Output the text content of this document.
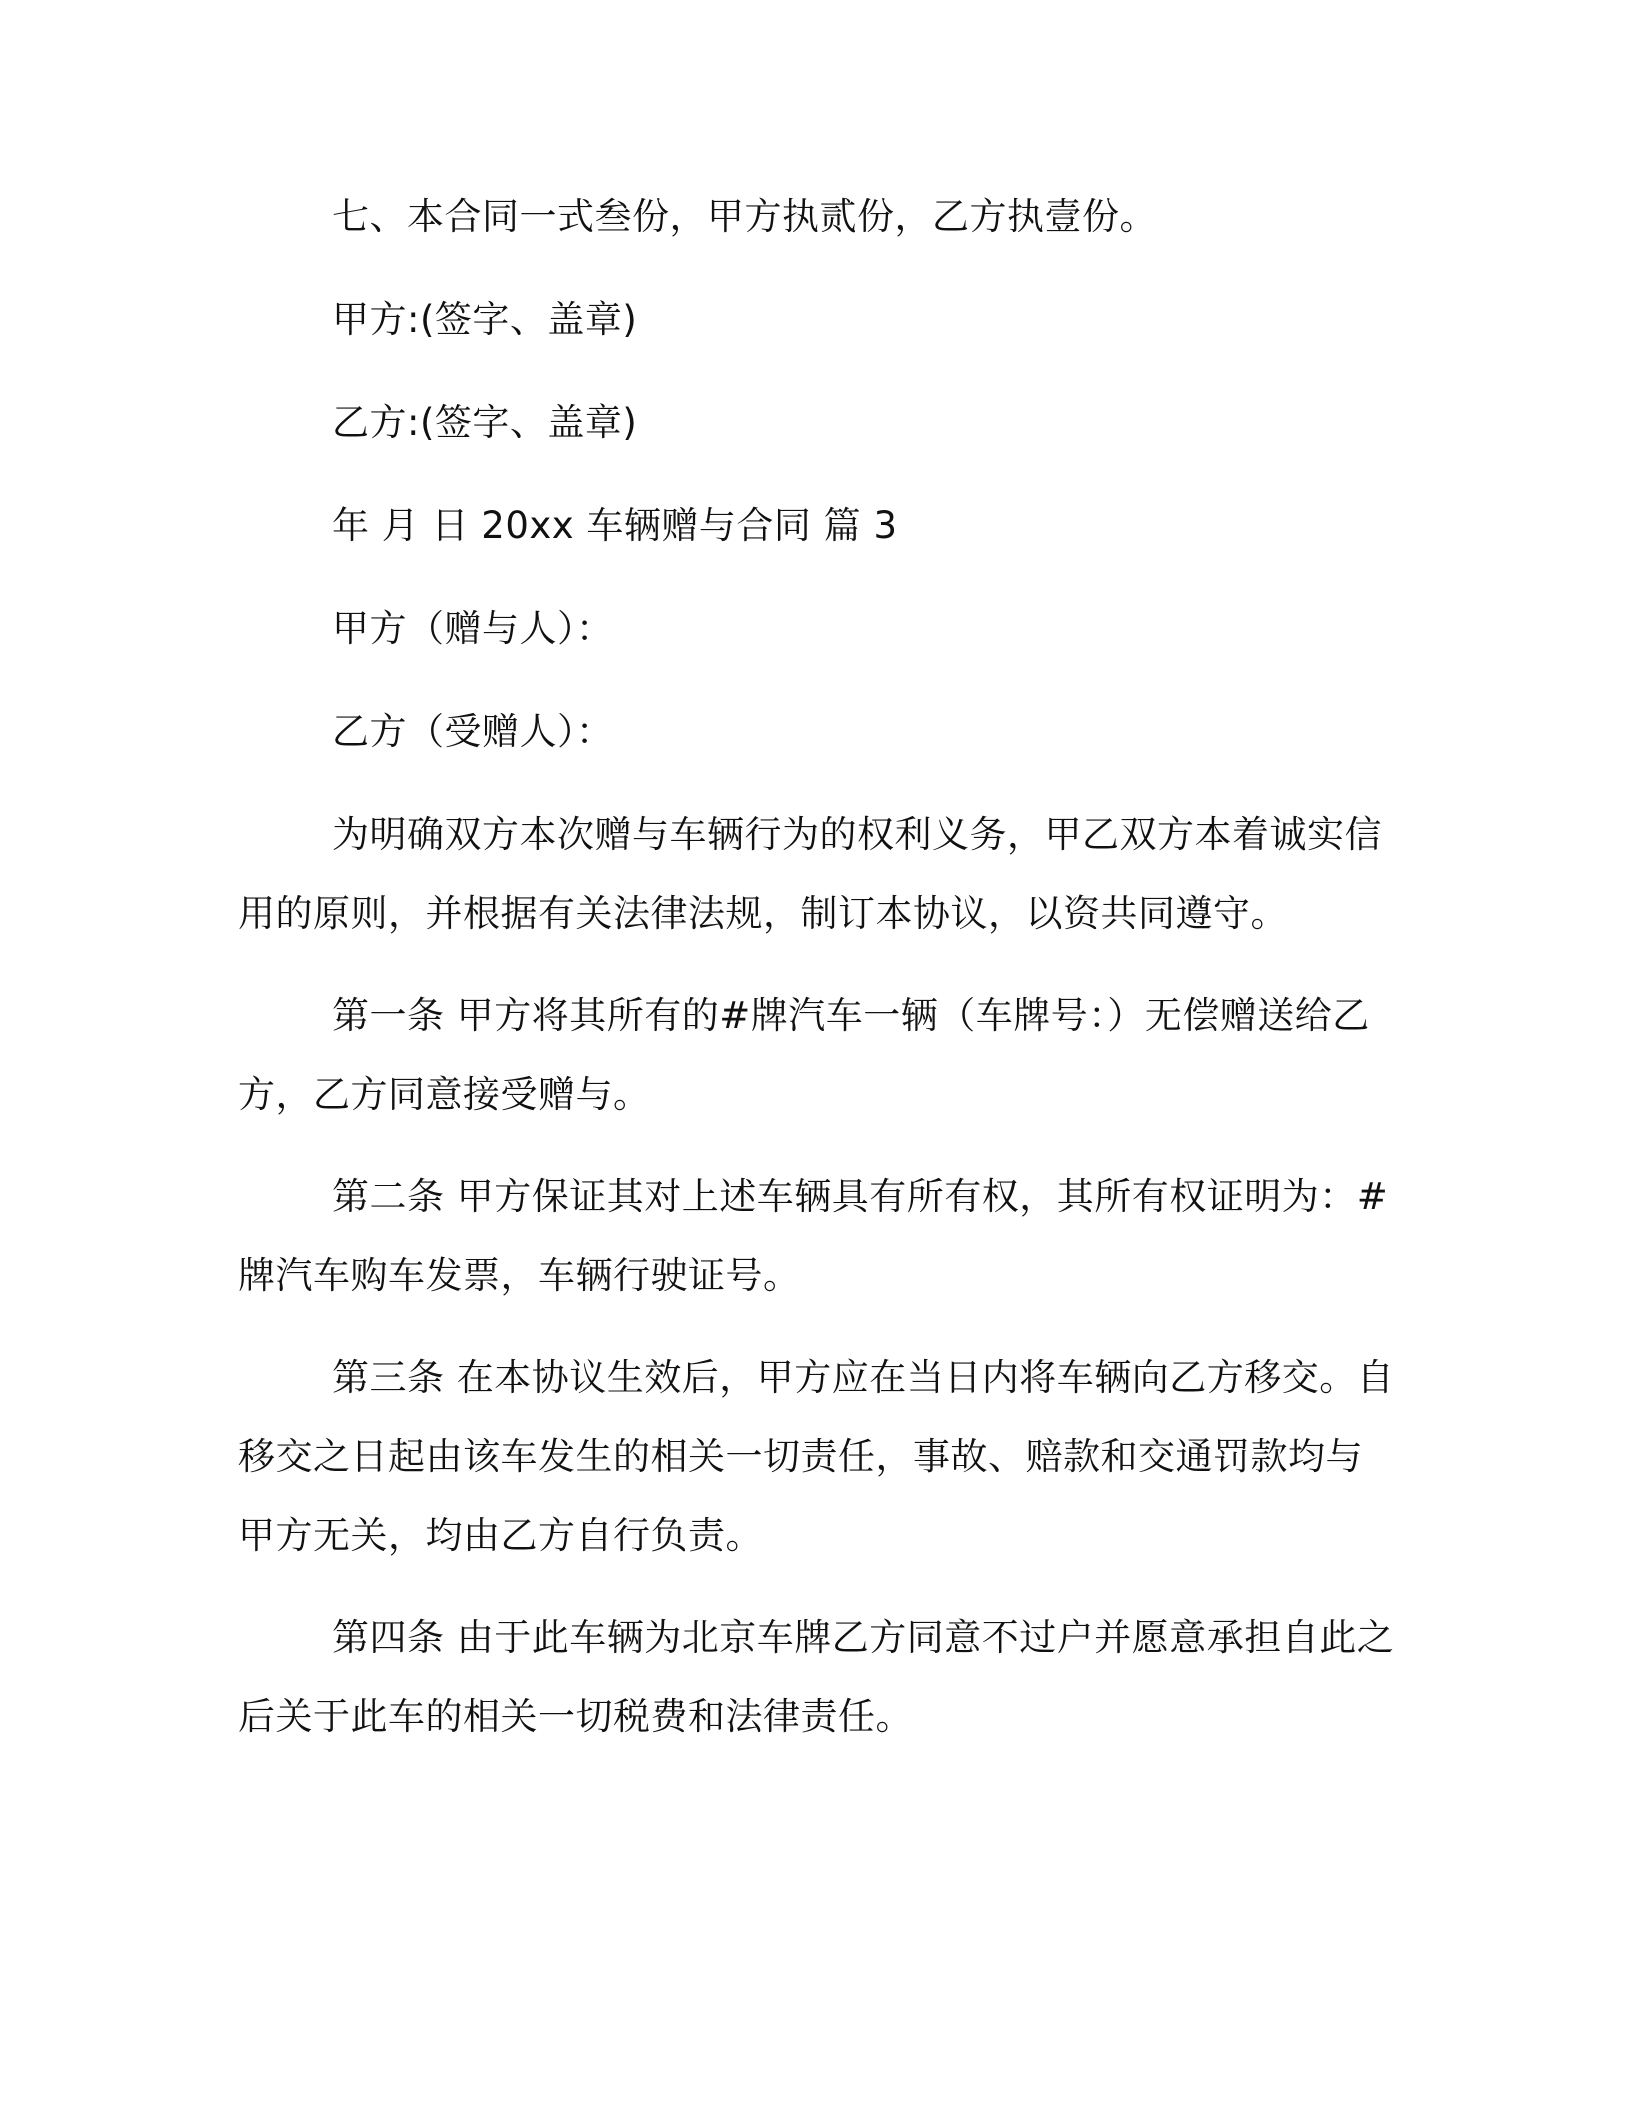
七、本合同一式叁份，甲方执贰份，乙方执壹份。
甲方:(签字、盖章)
乙方:(签字、盖章)
年 月 日 20xx 车辆赠与合同 篇 3
甲方（赠与人）：
乙方（受赠人）：
为明确双方本次赠与车辆行为的权利义务，甲乙双方本着诚实信
用的原则，并根据有关法律法规，制订本协议，以资共同遵守。
第一条 甲方将其所有的#牌汽车一辆（车牌号：）无偿赠送给乙
方，乙方同意接受赠与。
第二条 甲方保证其对上述车辆具有所有权，其所有权证明为：#
牌汽车购车发票，车辆行驶证号。
第三条 在本协议生效后，甲方应在当日内将车辆向乙方移交。自
移交之日起由该车发生的相关一切责任，事故、赔款和交通罚款均与
甲方无关，均由乙方自行负责。
第四条 由于此车辆为北京车牌乙方同意不过户并愿意承担自此之
后关于此车的相关一切税费和法律责任。
